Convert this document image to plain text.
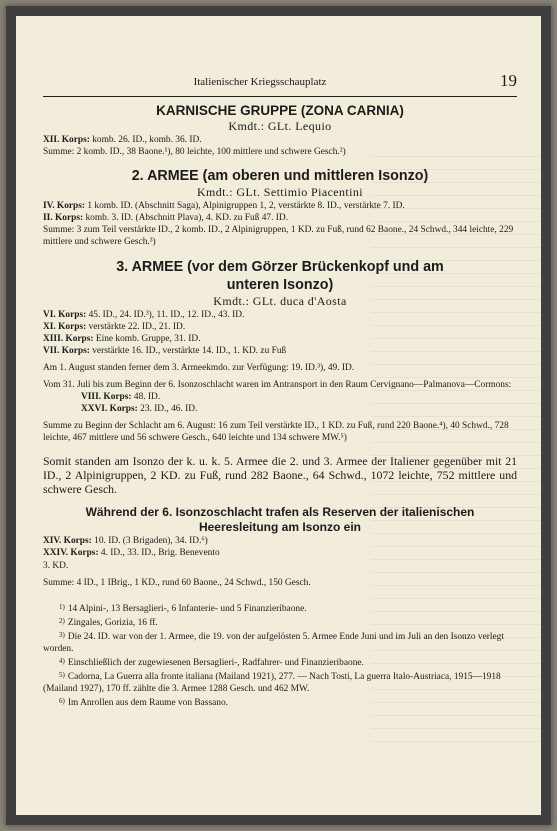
Italienischer Kriegsschauplatz	19

KARNISCHE GRUPPE (ZONA CARNIA)

Kmdt.: GLt. Lequio

XII. Korps: komb. 26. ID., komb. 36. ID.

Summe: 2 komb. ID., 38 Baone.¹), 80 leichte, 100 mittlere und schwere Gesch.²)

2. ARMEE (am oberen und mittleren Isonzo)

Kmdt.: GLt. Settimio Piacentini

IV. Korps: 1 komb. ID. (Abschnitt Saga), Alpinigruppen 1, 2, verstärkte 8. ID., verstärkte 7. ID.

II. Korps: komb. 3. ID. (Abschnitt Plava), 4. KD. zu Fuß 47. ID.

Summe: 3 zum Teil verstärkte ID., 2 komb. ID., 2 Alpinigruppen, 1 KD. zu Fuß, rund 62 Baone., 24 Schwd., 344 leichte, 229 mittlere und schwere Gesch.³)

3. ARMEE (vor dem Görzer Brückenkopf und am

unteren Isonzo)

Kmdt.: GLt. duca d'Aosta

VI. Korps: 45. ID., 24. ID.³), 11. ID., 12. ID., 43. ID.

XI. Korps: verstärkte 22. ID., 21. ID.

XIII. Korps: Eine komb. Gruppe, 31. ID.

VII. Korps: verstärkte 16. ID., verstärkte 14. ID., 1. KD. zu Fuß

Am 1. August standen ferner dem 3. Armeekmdo. zur Verfügung: 19. ID.³), 49. ID.

Vom 31. Juli bis zum Beginn der 6. Isonzoschlacht waren im Antransport in den Raum Cervignano—Palmanova—Cormons:

VIII. Korps: 48. ID.

XXVI. Korps: 23. ID., 46. ID.

Summe zu Beginn der Schlacht am 6. August: 16 zum Teil verstärkte ID., 1 KD. zu Fuß, rund 220 Baone.⁴), 40 Schwd., 728 leichte, 467 mittlere und 56 schwere Gesch., 640 leichte und 134 schwere MW.⁵)

Somit standen am Isonzo der k. u. k. 5. Armee die 2. und 3. Armee der Italiener gegenüber mit 21 ID., 2 Alpinigruppen, 2 KD. zu Fuß, rund 282 Baone., 64 Schwd., 1072 leichte, 752 mittlere und schwere Gesch.

Während der 6. Isonzoschlacht trafen als Reserven der italienischen

Heeresleitung am Isonzo ein

XIV. Korps: 10. ID. (3 Brigaden), 34. ID.⁶)

XXIV. Korps: 4. ID., 33. ID., Brig. Benevento

3. KD.

Summe: 4 ID., 1 IBrig., 1 KD., rund 60 Baone., 24 Schwd., 150 Gesch.

$^{1)}$ 14 Alpini-, 13 Bersaglieri-, 6 Infanterie- und 5 Finanzieribaone.

$^{2)}$ Zingales, Gorizia, 16 ff.

$^{3)}$ Die 24. ID. war von der 1. Armee, die 19. von der aufgelösten 5. Armee Ende Juni und im Juli an den Isonzo verlegt worden.

$^{4)}$ Einschließlich der zugewiesenen Bersaglieri-, Radfahrer- und Finanzieribaone.

$^{5)}$ Cadorna, La Guerra alla fronte italiana (Mailand 1921), 277. — Nach Tosti, La guerra Italo-Austriaca, 1915—1918 (Mailand 1927), 170 ff. zählte die 3. Armee 1288 Gesch. und 462 MW.

$^{6)}$ Im Anrollen aus dem Raume von Bassano.
